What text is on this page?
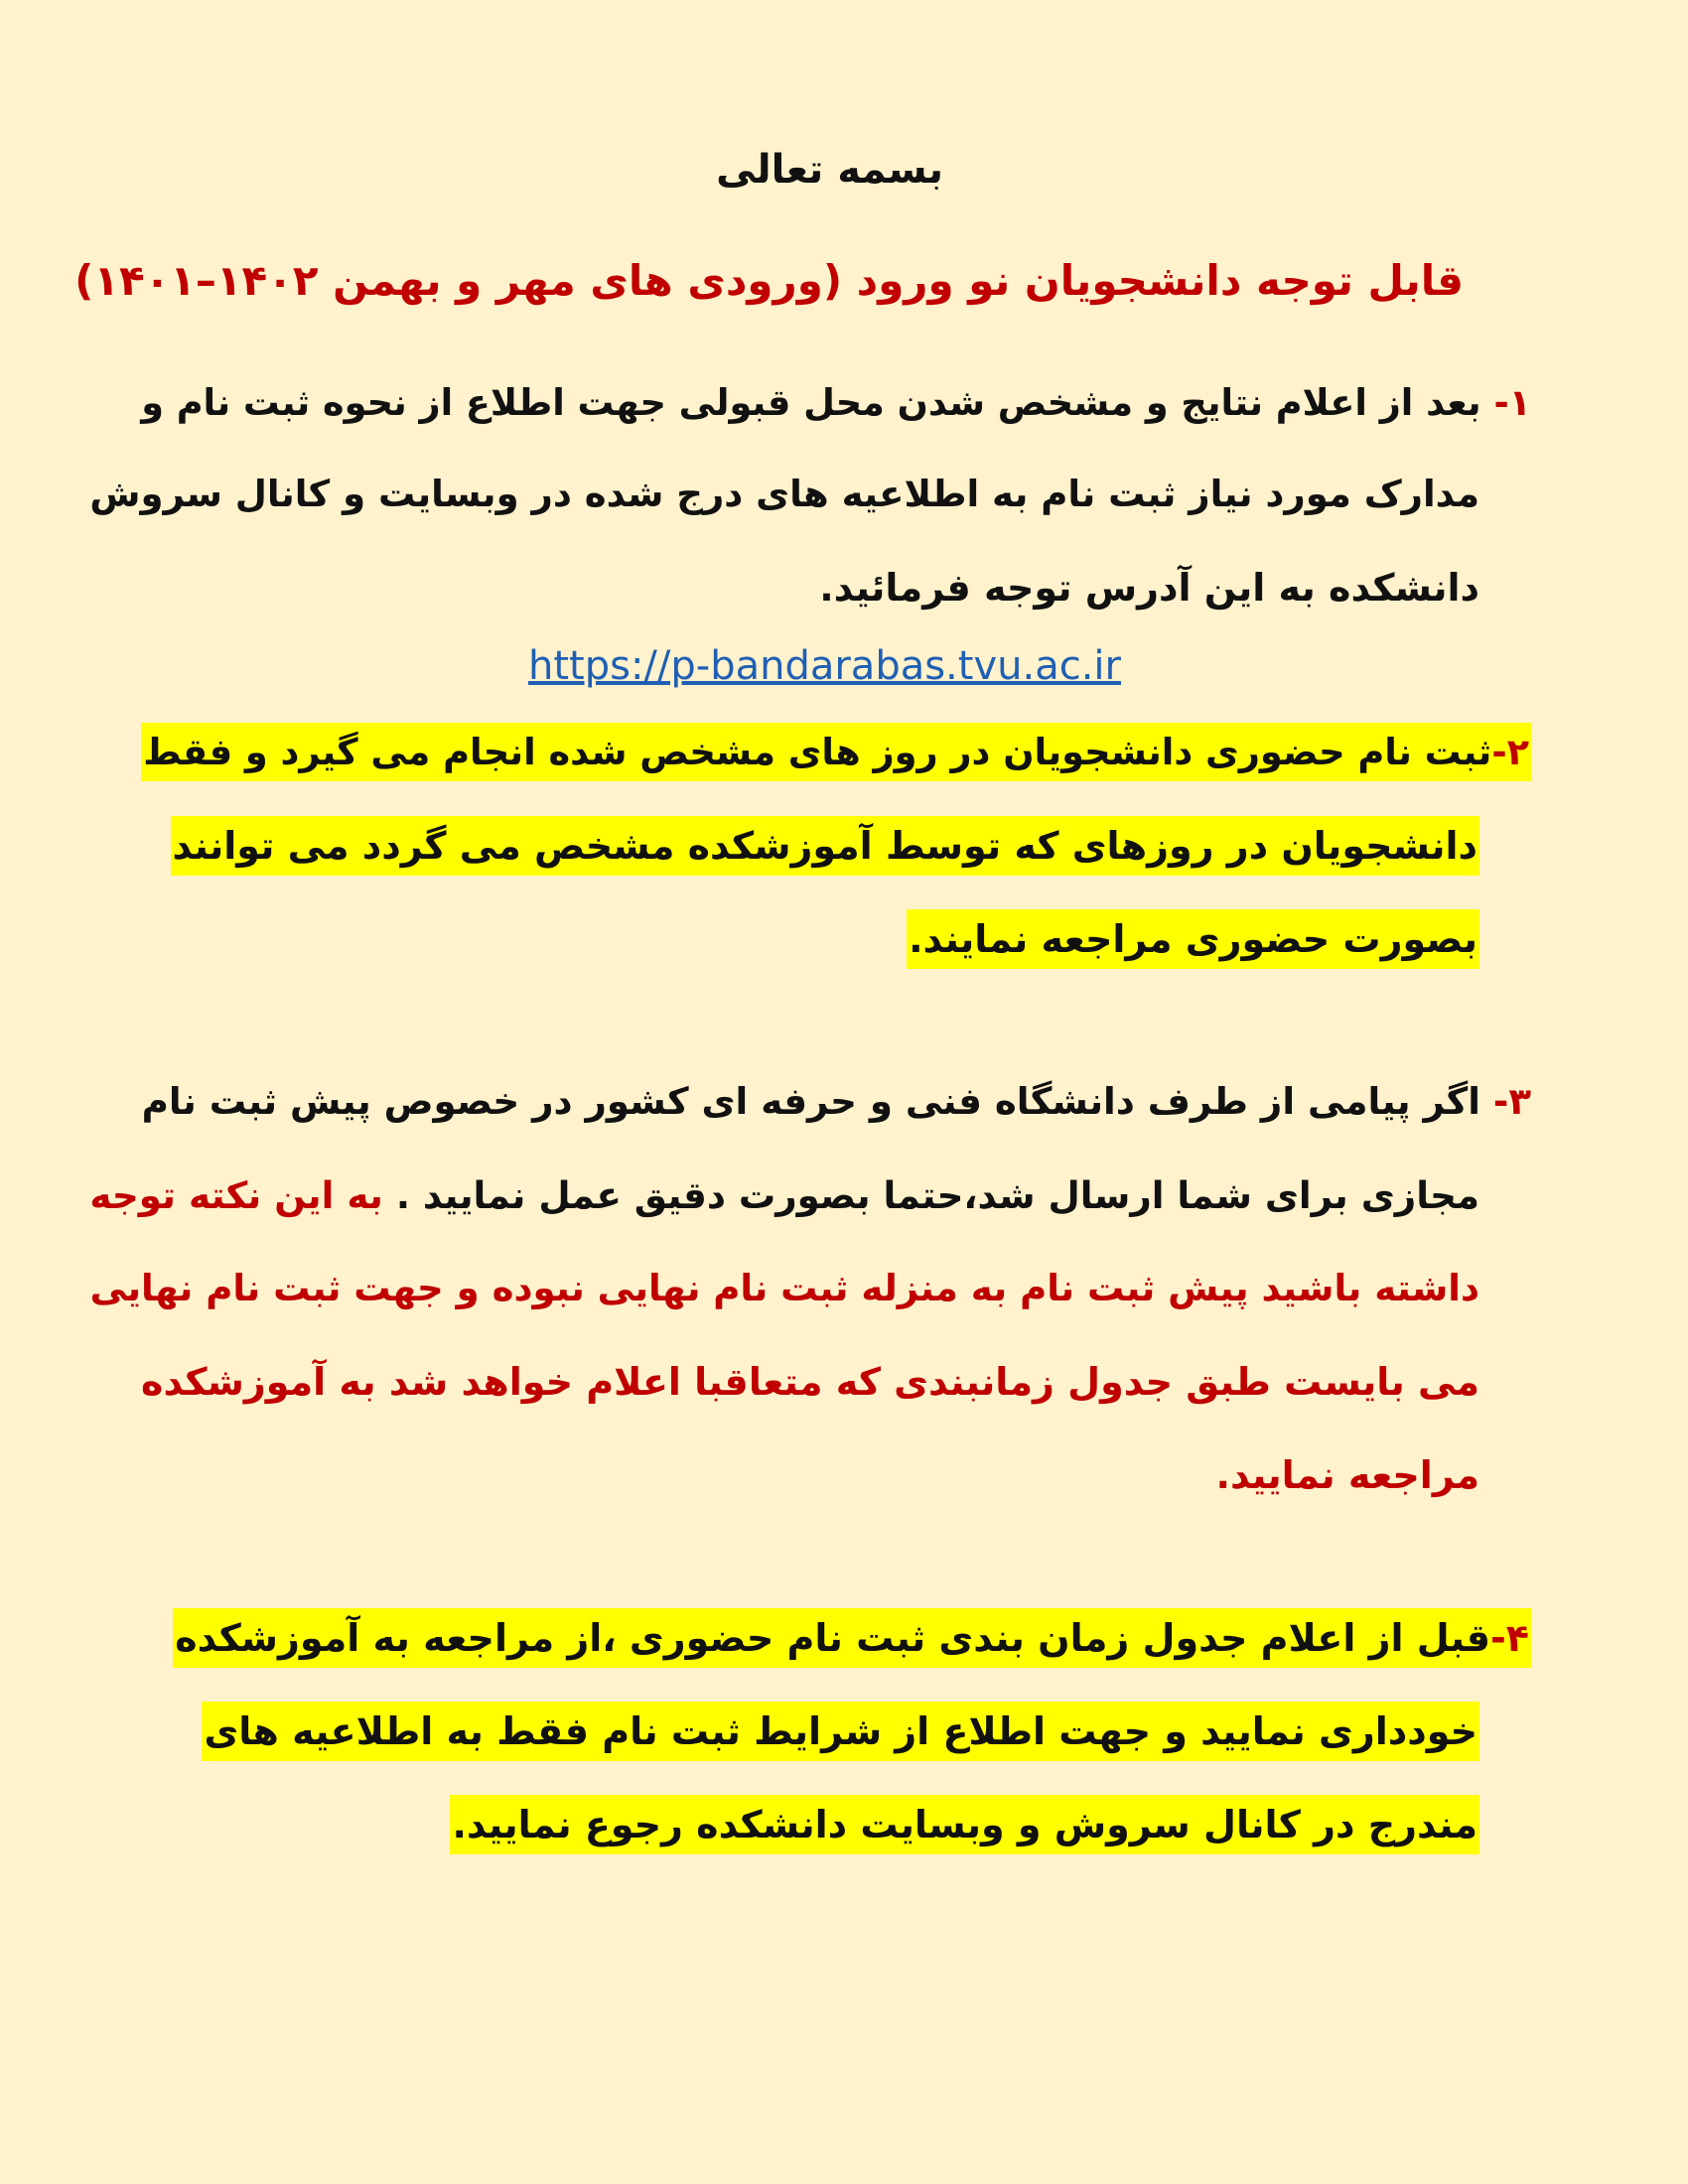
بسمه تعالی
قابل توجه دانشجویان نو ورود (ورودی های مهر و بهمن ۱۴۰۲–۱۴۰۱)
۱- بعد از اعلام نتایج و مشخص شدن محل قبولی جهت اطلاع از نحوه ثبت نام و
مدارک مورد نیاز ثبت نام به اطلاعیه های درج شده در وبسایت و کانال سروش
دانشکده به این آدرس توجه فرمائید.
https://p-bandarabas.tvu.ac.ir
۲-ثبت نام حضوری دانشجویان در روز های مشخص شده انجام می گیرد و فقط
دانشجویان در روزهای که توسط آموزشکده مشخص می گردد می توانند
بصورت حضوری مراجعه نمایند.
۳- اگر پیامی از طرف دانشگاه فنی و حرفه ای کشور در خصوص پیش ثبت نام
مجازی برای شما ارسال شد،حتما بصورت دقیق عمل نمایید . به این نکته توجه
داشته باشید پیش ثبت نام به منزله ثبت نام نهایی نبوده و جهت ثبت نام نهایی
می بایست طبق جدول زمانبندی که متعاقبا اعلام خواهد شد به آموزشکده
مراجعه نمایید.
۴-قبل از اعلام جدول زمان بندی ثبت نام حضوری ،از مراجعه به آموزشکده
خودداری نمایید و جهت اطلاع از شرایط ثبت نام فقط به اطلاعیه های
مندرج در کانال سروش و وبسایت دانشکده رجوع نمایید.
